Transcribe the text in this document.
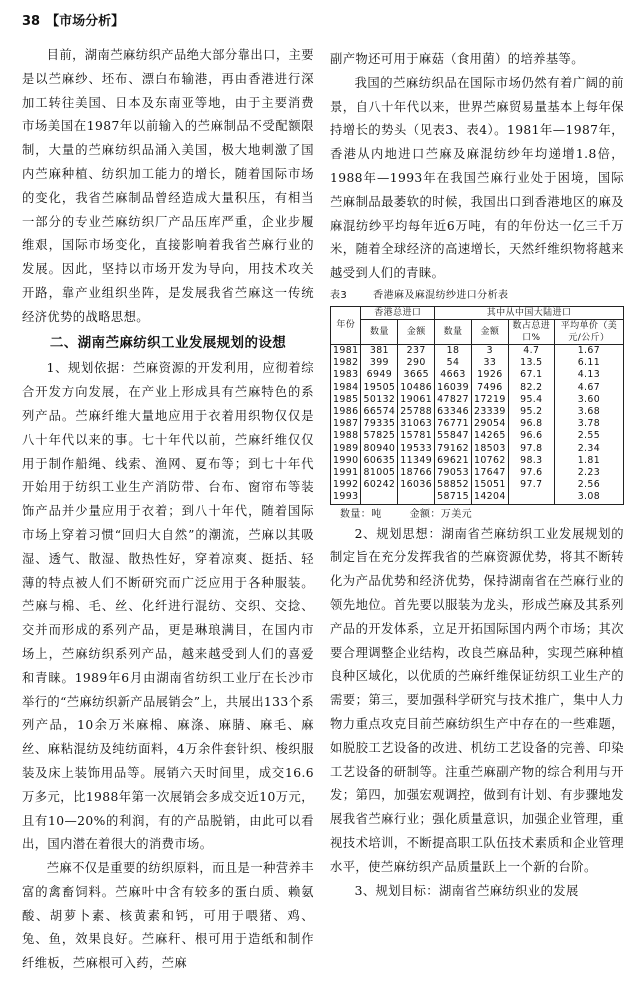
38 【市场分析】

目前，湖南苎麻纺织产品绝大部分靠出口，主要是以苎麻纱、坯布、漂白布输港，再由香港进行深加工转往美国、日本及东南亚等地，由于主要消费市场美国在1987年以前输入的苎麻制品不受配额限制，大量的苎麻纺织品涌入美国，极大地刺激了国内苎麻种植、纺织加工能力的增长，随着国际市场的变化，我省苎麻制品曾经造成大量积压，有相当一部分的专业苎麻纺织厂产品压库严重，企业步履维艰，国际市场变化，直接影响着我省苎麻行业的发展。因此，坚持以市场开发为导向，用技术攻关开路，靠产业组织坐阵，是发展我省苎麻这一传统经济优势的战略思想。

二、湖南苎麻纺织工业发展规划的设想

1、规划依据：苎麻资源的开发利用，应彻着综合开发方向发展，在产业上形成具有苎麻特色的系列产品。苎麻纤维大量地应用于衣着用织物仅仅是八十年代以来的事。七十年代以前，苎麻纤维仅仅用于制作船绳、线索、渔网、夏布等；到七十年代开始用于纺织工业生产消防带、台布、窗帘布等装饰产品并少量应用于衣着；到八十年代，随着国际市场上穿着习惯“回归大自然”的潮流，苎麻以其吸湿、透气、散湿、散热性好，穿着凉爽、挺括、轻薄的特点被人们不断研究而广泛应用于各种服装。苎麻与棉、毛、丝、化纤进行混纺、交织、交捻、交并而形成的系列产品，更是琳琅满目，在国内市场上，苎麻纺织系列产品，越来越受到人们的喜爱和青睐。1989年6月由湖南省纺织工业厅在长沙市举行的“苎麻纺织新产品展销会”上，共展出133个系列产品，10余万米麻棉、麻涤、麻腈、麻毛、麻丝、麻粘混纺及纯纺面料，4万余件套针织、梭织服装及床上装饰用品等。展销六天时间里，成交16.6万多元，比1988年第一次展销会多成交近10万元，且有10—20%的利润，有的产品脱销，由此可以看出，国内潜在着很大的消费市场。

苎麻不仅是重要的纺织原料，而且是一种营养丰富的禽畜饲料。苎麻叶中含有较多的蛋白质、赖氨酸、胡萝卜素、核黄素和钙，可用于喂猪、鸡、兔、鱼，效果良好。苎麻秆、根可用于造纸和制作纤维板，苎麻根可入药，苎麻

副产物还可用于麻菇（食用菌）的培养基等。

我国的苎麻纺织品在国际市场仍然有着广阔的前景，自八十年代以来，世界苎麻贸易量基本上每年保持增长的势头（见表3、表4）。1981年—1987年，香港从内地进口苎麻及麻混纺纱年均递增1.8倍，1988年—1993年在我国苎麻行业处于困境，国际苎麻制品最萎软的时候，我国出口到香港地区的麻及麻混纺纱平均每年近6万吨，有的年份达一亿三千万米，随着全球经济的高速增长，天然纤维织物将越来越受到人们的青睐。

表3	香港麻及麻混纺纱进口分析表
年份	香港总进口		其中从中国大陆进口			
	数量	金额	数量	金额	数占总进口%	平均单价（美元/公斤）
1981	381	237	18	3	4.7	1.67
1982	399	290	54	33	13.5	6.11
1983	6949	3665	4663	1926	67.1	4.13
1984	19505	10486	16039	7496	82.2	4.67
1985	50132	19061	47827	17219	95.4	3.60
1986	66574	25788	63346	23339	95.2	3.68
1987	79335	31063	76771	29054	96.8	3.78
1988	57825	15781	55847	14265	96.6	2.55
1989	80940	19533	79162	18503	97.8	2.34
1990	60635	11349	69621	10762	98.3	1.81
1991	81005	18766	79053	17647	97.6	2.23
1992	60242	16036	58852	15051	97.7	2.56
1993			58715	14204		3.08
数量：吨	金额：万美元

2、规划思想：湖南省苎麻纺织工业发展规划的制定旨在充分发挥我省的苎麻资源优势，将其不断转化为产品优势和经济优势，保持湖南省在苎麻行业的领先地位。首先要以服装为龙头，形成苎麻及其系列产品的开发体系，立足开拓国际国内两个市场；其次要合理调整企业结构，改良苎麻品种，实现苎麻种植良种区域化，以优质的苎麻纤维保证纺织工业生产的需要；第三，要加强科学研究与技术推广，集中人力物力重点攻克目前苎麻纺织生产中存在的一些难题，如脱胶工艺设备的改进、机纺工艺设备的完善、印染工艺设备的研制等。注重苎麻副产物的综合利用与开发；第四，加强宏观调控，做到有计划、有步骤地发展我省苎麻行业；强化质量意识，加强企业管理，重视技术培训，不断提高职工队伍技术素质和企业管理水平，使苎麻纺织产品质量跃上一个新的台阶。

3、规划目标：湖南省苎麻纺织业的发展
